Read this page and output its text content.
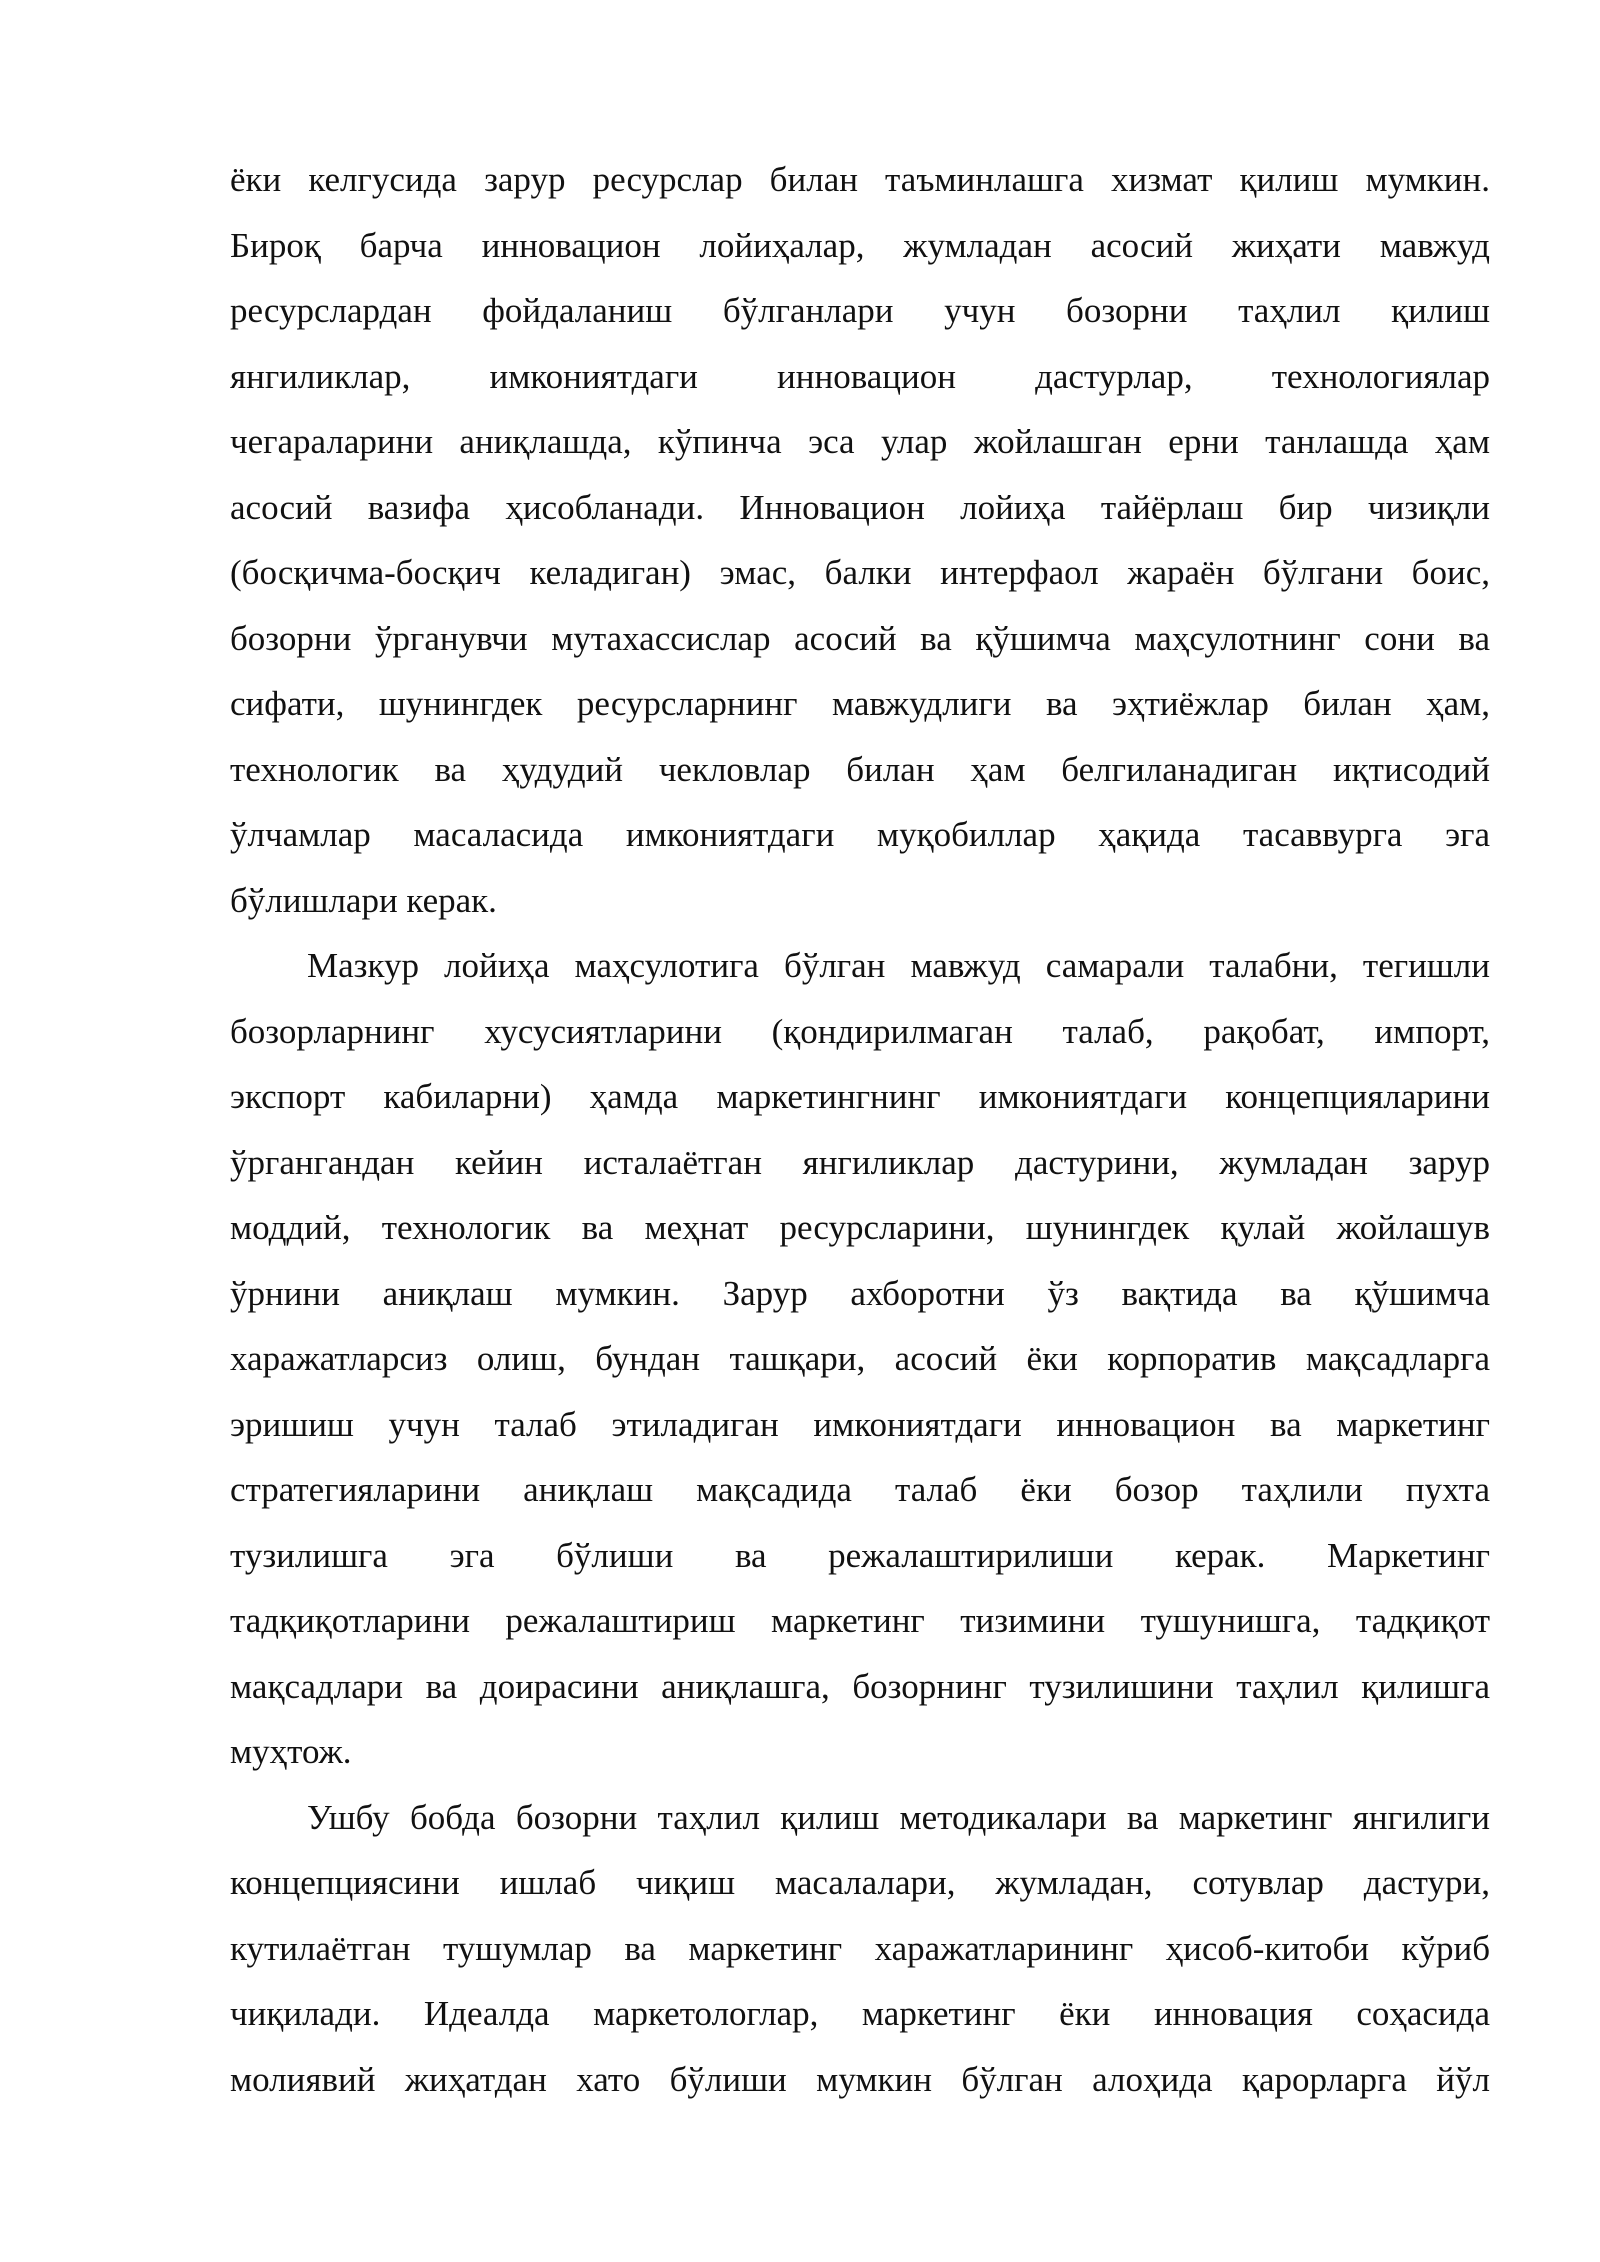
ёки келгусида зарур ресурслар билан таъминлашга хизмат қилиш мумкин.
Бироқ барча инновацион лойиҳалар, жумладан асосий жиҳати мавжуд
ресурслардан фойдаланиш бўлганлари учун бозорни таҳлил қилиш
янгиликлар, имкониятдаги инновацион дастурлар, технологиялар
чегараларини аниқлашда, кўпинча эса улар жойлашган ерни танлашда ҳам
асосий вазифа ҳисобланади. Инновацион лойиҳа тайёрлаш бир чизиқли
(босқичма-босқич келадиган) эмас, балки интерфаол жараён бўлгани боис,
бозорни ўрганувчи мутахассислар асосий ва қўшимча маҳсулотнинг сони ва
сифати, шунингдек ресурсларнинг мавжудлиги ва эҳтиёжлар билан ҳам,
технологик ва ҳудудий чекловлар билан ҳам белгиланадиган иқтисодий
ўлчамлар масаласида имкониятдаги муқобиллар ҳақида тасаввурга эга
бўлишлари керак.
Мазкур лойиҳа маҳсулотига бўлган мавжуд самарали талабни, тегишли
бозорларнинг хусусиятларини (қондирилмаган талаб, рақобат, импорт,
экспорт кабиларни) ҳамда маркетингнинг имкониятдаги концепцияларини
ўргангандан кейин исталаётган янгиликлар дастурини, жумладан зарур
моддий, технологик ва меҳнат ресурсларини, шунингдек қулай жойлашув
ўрнини аниқлаш мумкин. Зарур ахборотни ўз вақтида ва қўшимча
харажатларсиз олиш, бундан ташқари, асосий ёки корпоратив мақсадларга
эришиш учун талаб этиладиган имкониятдаги инновацион ва маркетинг
стратегияларини аниқлаш мақсадида талаб ёки бозор таҳлили пухта
тузилишга эга бўлиши ва режалаштирилиши керак. Маркетинг
тадқиқотларини режалаштириш маркетинг тизимини тушунишга, тадқиқот
мақсадлари ва доирасини аниқлашга, бозорнинг тузилишини таҳлил қилишга
муҳтож.
Ушбу бобда бозорни таҳлил қилиш методикалари ва маркетинг янгилиги
концепциясини ишлаб чиқиш масалалари, жумладан, сотувлар дастури,
кутилаётган тушумлар ва маркетинг харажатларининг ҳисоб-китоби кўриб
чиқилади. Идеалда маркетологлар, маркетинг ёки инновация соҳасида
молиявий жиҳатдан хато бўлиши мумкин бўлган алоҳида қарорларга йўл
